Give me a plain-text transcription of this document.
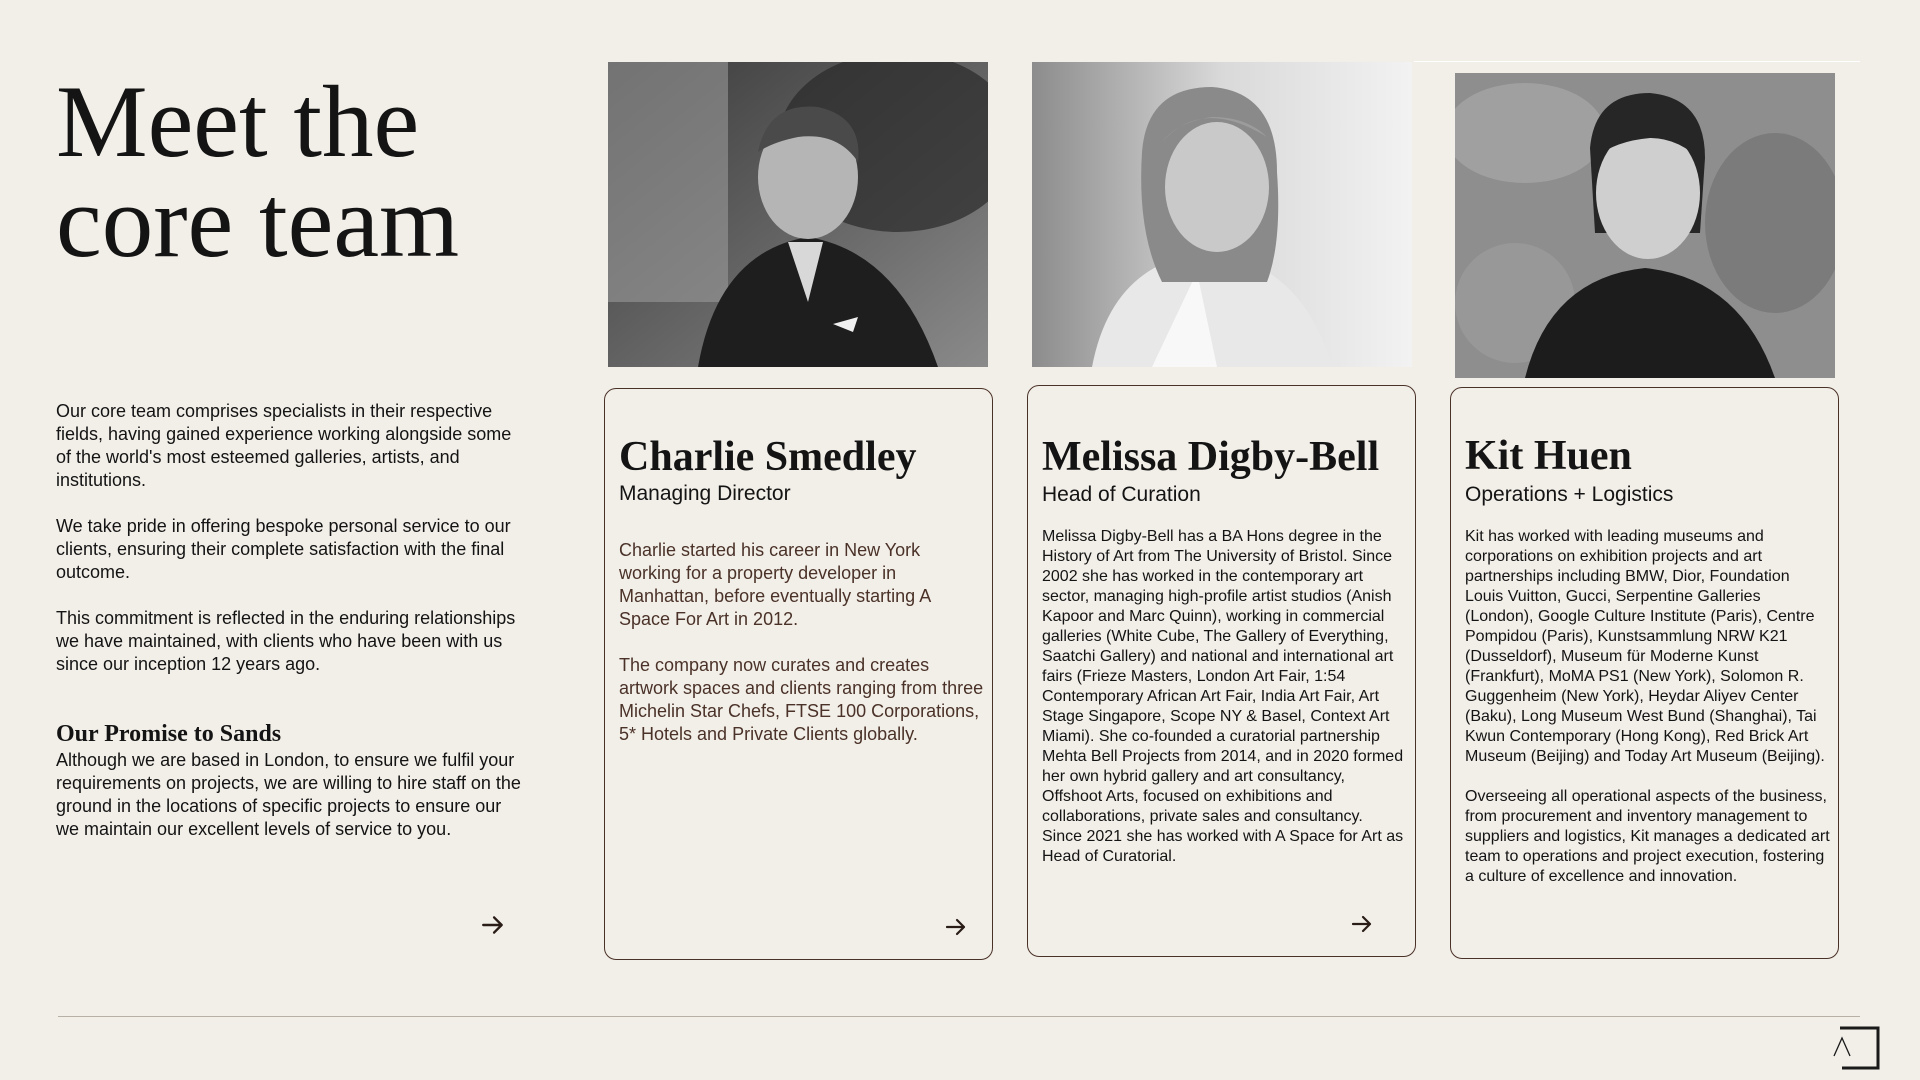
Meet the
core team

Our core team comprises specialists in their respective fields, having gained experience working alongside some of the world's most esteemed galleries, artists, and institutions.

We take pride in offering bespoke personal service to our clients, ensuring their complete satisfaction with the final outcome.

This commitment is reflected in the enduring relationships we have maintained, with clients who have been with us since our inception 12 years ago.

Our Promise to Sands

Although we are based in London, to ensure we fulfil your requirements on projects, we are willing to hire staff on the ground in the locations of specific projects to ensure our we maintain our excellent levels of service to you.

Charlie Smedley
Managing Director

Charlie started his career in New York working for a property developer in Manhattan, before eventually starting A Space For Art in 2012.

The company now curates and creates artwork spaces and clients ranging from three Michelin Star Chefs, FTSE 100 Corporations, 5* Hotels and Private Clients globally.

Melissa Digby-Bell
Head of Curation

Melissa Digby-Bell has a BA Hons degree in the History of Art from The University of Bristol. Since 2002 she has worked in the contemporary art sector, managing high-profile artist studios (Anish Kapoor and Marc Quinn), working in commercial galleries (White Cube, The Gallery of Everything, Saatchi Gallery) and national and international art fairs (Frieze Masters, London Art Fair, 1:54 Contemporary African Art Fair, India Art Fair, Art Stage Singapore, Scope NY & Basel, Context Art Miami). She co-founded a curatorial partnership Mehta Bell Projects from 2014, and in 2020 formed her own hybrid gallery and art consultancy, Offshoot Arts, focused on exhibitions and collaborations, private sales and consultancy. Since 2021 she has worked with A Space for Art as Head of Curatorial.

Kit Huen
Operations + Logistics

Kit has worked with leading museums and corporations on exhibition projects and art partnerships including BMW, Dior, Foundation Louis Vuitton, Gucci, Serpentine Galleries (London), Google Culture Institute (Paris), Centre Pompidou (Paris), Kunstsammlung NRW K21 (Dusseldorf), Museum für Moderne Kunst (Frankfurt), MoMA PS1 (New York), Solomon R. Guggenheim (New York), Heydar Aliyev Center (Baku), Long Museum West Bund (Shanghai), Tai Kwun Contemporary (Hong Kong), Red Brick Art Museum (Beijing) and Today Art Museum (Beijing).

Overseeing all operational aspects of the business, from procurement and inventory management to suppliers and logistics, Kit manages a dedicated art team to operations and project execution, fostering a culture of excellence and innovation.
